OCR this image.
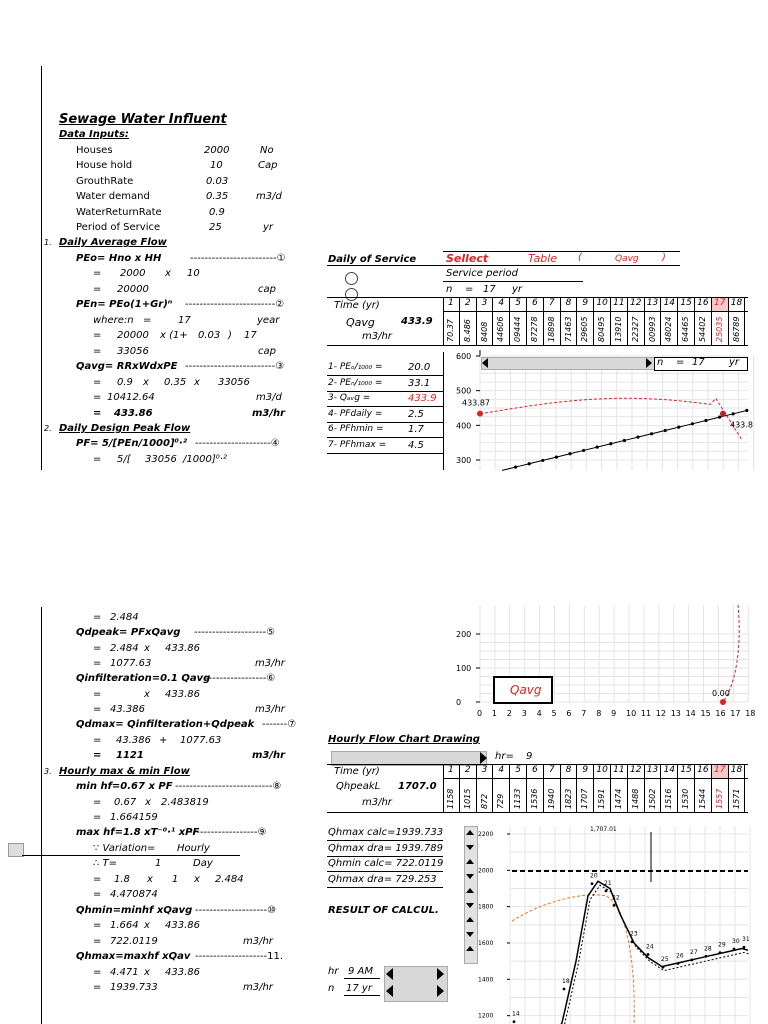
Sewage Water Influent
Data Inputs:
Houses	2000	No
House hold	10	Cap
GrouthRate	0.03
Water demand	0.35	m3/d
WaterReturnRate	0.9
Period of Service	25	yr
1. Daily Average Flow
PEo= Hno x HH	------------------------①
= 2000 x 10
= 20000	cap
PEn= PEo(1+Gr)ⁿ -------------------------②
where:n =	17	year
= 20000 x (1+ 0.03 ) 17
= 33056	cap
Qavg= RRxWdxPE -------------------------③
= 0.9 x 0.35 x 33056
= 10412.64	m3/d
= 433.86	m3/hr
2. Daily Design Peak Flow
PF= 5/[PEn/1000]⁰·² ---------------------④
= 5/[ 33056 /1000]⁰·²
Daily of Service	Sellect	Table (	Qavg )
Service period
n = 17 yr
Time (yr)
Qavg	433.9
m3/hr
1	2	3	4	5	6	7	8	9 10 11 12 13 14 15 16 17 18
70.37 8.486 8408 44606 09444 87278 18898 71463 29605 80495 13910 22327 00993 48024 64465 54402 25035 86789
1- PEₒ/₁₀₀₀ =	20.0
2- PEₙ/₁₀₀₀ =	33.1
3- Qₐᵥg =	433.9
4- PFdaily =	2.5
6- PFhmin = 1.7
7- PFhmax = 4.5
600
500
400
300
433.87
433.8
n = 17 yr
= 2.484
Qdpeak= PFxQavg --------------------⑤
= 2.484 x 433.86
= 1077.63	m3/hr
Qinfilteration=0.1 Qavg
-----------------⑥
=	x 433.86
= 43.386	m3/hr
Qdmax= Qinfilteration+Qdpeak -------⑦
= 43.386 + 1077.63
= 1121	m3/hr
3. Hourly max & min Flow
min hf=0.67 x PF ---------------------------⑧
= 0.67 x 2.483819
= 1.664159
max hf=1.8 xT⁻⁰·¹ xPF
-------------------⑨
∵ Variation= Hourly
∴ T=	1	Day
= 1.8 x 1 x 2.484
= 4.470874
Qhmin=minhf xQavg --------------------⑩
= 1.664 x 433.86
= 722.0119	m3/hr
Qhmax=maxhf xQav --------------------11.
= 4.471 x 433.86
= 1939.733	m3/hr
0 1 2 3 4 5 6 7 8 9 10 11 12 13 14 15 16 17 18
200
100
0
0.00
Qavg
Hourly Flow Chart Drawing
hr= 9
Time (yr)
QhpeakL 1707.0
m3/hr
1	2	3	4	5	6	7	8	9 10 11 12 13 14 15 16 17 18
1158 1015 872 729 1133 1536 1940 1823 1707 1591 1474 1488 1502 1516 1530 1544 1557 1571
Qhmax calc=1939.733
Qhmax dra= 1939.789
Qhmin calc= 722.0119
Qhmax dra= 729.253
RESULT OF CALCUL.
hr 9 AM
n 17 yr
2200
2000
1800
1600
1400
1200
1,707.01
14
18
20
21
22
23
24
25
26
27
28
29
30 31
